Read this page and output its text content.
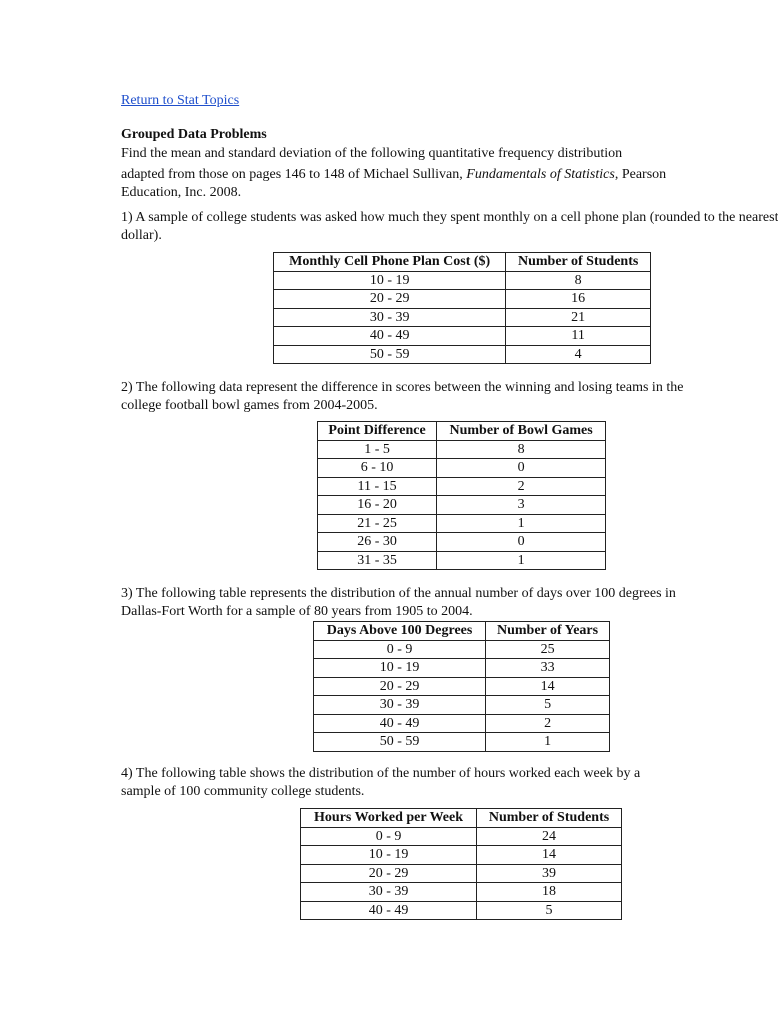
Return to Stat Topics
Grouped Data Problems
Find the mean and standard deviation of the following quantitative frequency distribution
adapted from those on pages 146 to 148 of Michael Sullivan, Fundamentals of Statistics, Pearson
Education, Inc. 2008.
1) A sample of college students was asked how much they spent monthly on a cell phone plan (rounded to the nearest
dollar).
Monthly Cell Phone Plan Cost ($)	Number of Students
10 - 19	8
20 - 29	16
30 - 39	21
40 - 49	11
50 - 59	4
2) The following data represent the difference in scores between the winning and losing teams in the
college football bowl games from 2004-2005.
Point Difference	Number of Bowl Games
1 - 5	8
6 - 10	0
11 - 15	2
16 - 20	3
21 - 25	1
26 - 30	0
31 - 35	1
3) The following table represents the distribution of the annual number of days over 100 degrees in
Dallas-Fort Worth for a sample of 80 years from 1905 to 2004.
Days Above 100 Degrees	Number of Years
0 - 9	25
10 - 19	33
20 - 29	14
30 - 39	5
40 - 49	2
50 - 59	1
4) The following table shows the distribution of the number of hours worked each week by a
sample of 100 community college students.
Hours Worked per Week	Number of Students
0 - 9	24
10 - 19	14
20 - 29	39
30 - 39	18
40 - 49	5
